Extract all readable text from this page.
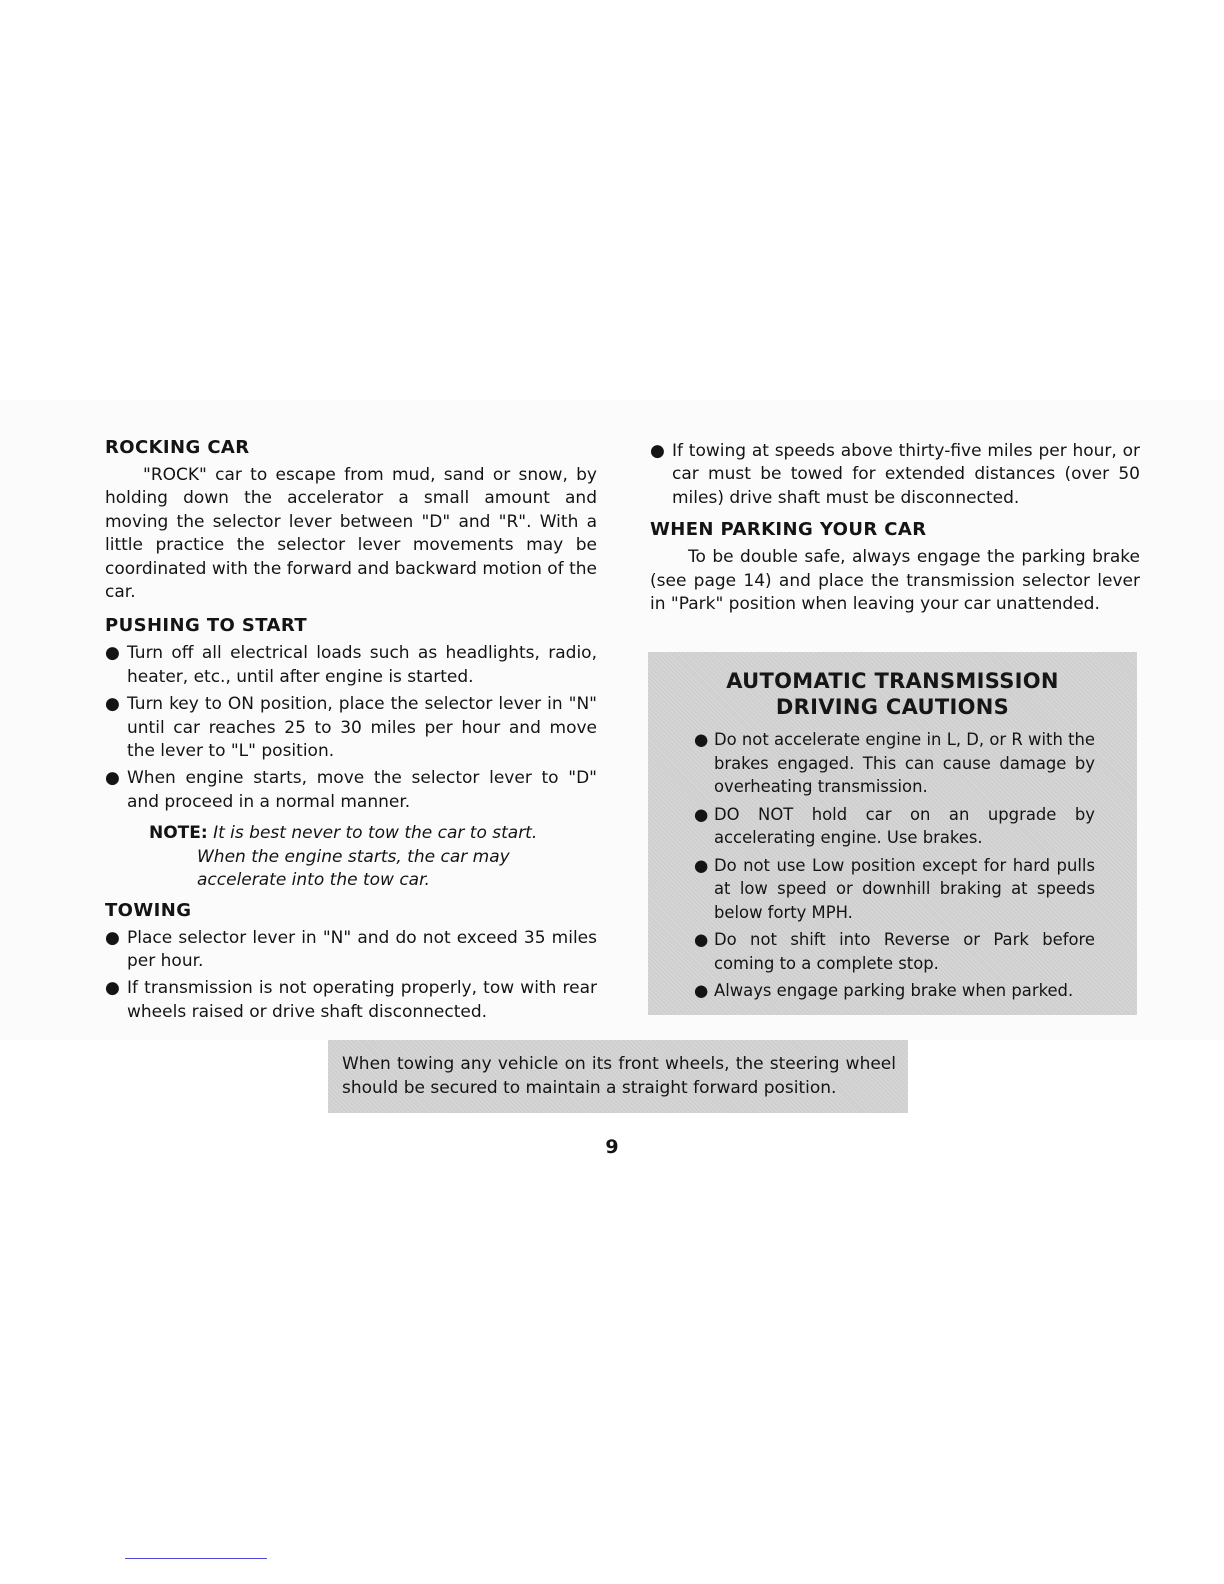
ROCKING CAR

"ROCK" car to escape from mud, sand or snow, by holding down the accelerator a small amount and moving the selector lever between "D" and "R". With a little practice the selector lever movements may be coordinated with the forward and backward motion of the car.

PUSHING TO START
● Turn off all electrical loads such as headlights, radio, heater, etc., until after engine is started.
● Turn key to ON position, place the selector lever in "N" until car reaches 25 to 30 miles per hour and move the lever to "L" position.
● When engine starts, move the selector lever to "D" and proceed in a normal manner.
NOTE: It is best never to tow the car to start.
When the engine starts, the car may accelerate into the tow car.
TOWING
● Place selector lever in "N" and do not exceed 35 miles per hour.
● If transmission is not operating properly, tow with rear wheels raised or drive shaft disconnected.
● If towing at speeds above thirty-five miles per hour, or car must be towed for extended distances (over 50 miles) drive shaft must be disconnected.
WHEN PARKING YOUR CAR

To be double safe, always engage the parking brake (see page 14) and place the transmission selector lever in "Park" position when leaving your car unattended.

AUTOMATIC TRANSMISSION
DRIVING CAUTIONS
● Do not accelerate engine in L, D, or R with the brakes engaged. This can cause damage by overheating transmission.
● DO NOT hold car on an upgrade by accelerating engine. Use brakes.
● Do not use Low position except for hard pulls at low speed or downhill braking at speeds below forty MPH.
● Do not shift into Reverse or Park before coming to a complete stop.
● Always engage parking brake when parked.
When towing any vehicle on its front wheels, the steering wheel should be secured to maintain a straight forward position.
9
